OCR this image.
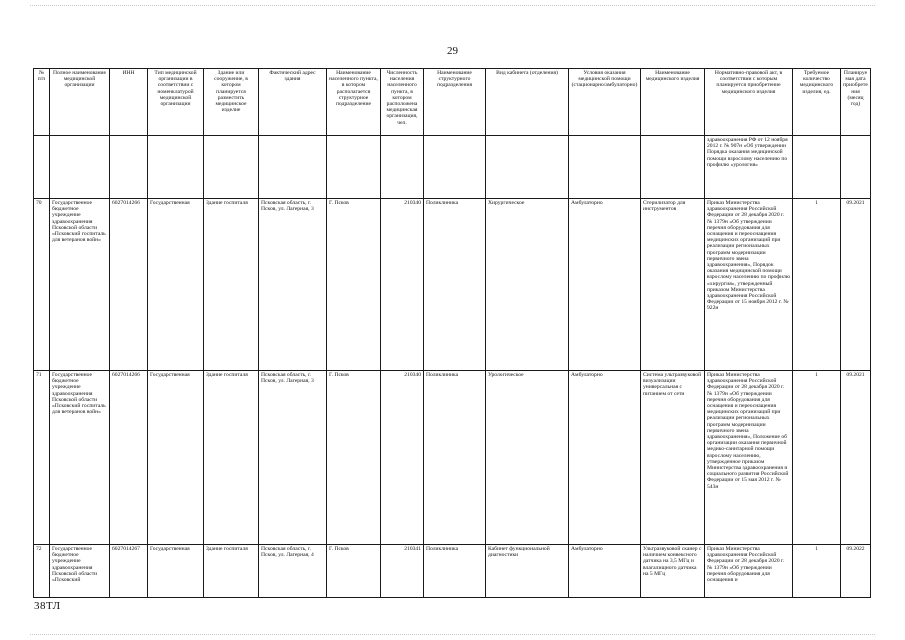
29
№ п/п	Полное наименование медицинской организации	ИНН	Тип медицинской организации в соответствии с номенклатурой медицинской организации	Здание или сооружение, в котором планируется разместить медицинское изделие	Фактический адрес здания	Наименование населенного пункта, в котором располагается структурное подразделение	Численность населения населенного пункта, в котором расположена медицинская организация, чел.	Наименование структурного подразделения	Вид кабинета (отделения)	Условия оказания медицинской помощи (стационарно/амбулаторно)	Наименование медицинского изделия	Нормативно-правовой акт, в соответствии с которым планируется приобретение медицинского изделия	Требуемое количество медицинского изделия, ед.	Планируемая дата приобретения (месяц год)
												здравоохранения РФ от 12 ноября 2012 г. № 907н «Об утверждении Порядка оказания медицинской помощи взрослому населению по профилю «урология»		
70	Государственное бюджетное учреждение здравоохранения Псковской области «Псковский госпиталь для ветеранов войн»	6027014266	Государственная	Здание госпиталя	Псковская область, г. Псков, ул. Лагерная, 3	Г. Псков	210340	Поликлиника	Хирургическое	Амбулаторно	Стерилизатор для инструментов	Приказ Министерства здравоохранения Российской Федерации от 28 декабря 2020 г. № 1379н «Об утверждении перечня оборудования для оснащения и переоснащения медицинских организаций при реализации региональных программ модернизации первичного звена здравоохранения», Порядок оказания медицинской помощи взрослому населению по профилю «хирургия», утвержденный приказом Министерства здравоохранения Российской Федерации от 15 ноября 2012 г. № 922н	1	09.2021
71	Государственное бюджетное учреждение здравоохранения Псковской области «Псковский госпиталь для ветеранов войн»	6027014266	Государственная	Здание госпиталя	Псковская область, г. Псков, ул. Лагерная, 3	Г. Псков	210340	Поликлиника	Урологическое	Амбулаторно	Система ультразвуковой визуализации универсальная с питанием от сети	Приказ Министерства здравоохранения Российской Федерации от 28 декабря 2020 г. № 1379н «Об утверждении перечня оборудования для оснащения и переоснащения медицинских организаций при реализации региональных программ модернизации первичного звена здравоохранения», Положение об организации оказания первичной медико-санитарной помощи взрослому населению, утвержденное приказом Министерства здравоохранения и социального развития Российской Федерации от 15 мая 2012 г. № 543н	1	09.2021
72	Государственное бюджетное учреждение здравоохранения Псковской области «Псковский	6027014267	Государственная	Здание госпиталя	Псковская область, г. Псков, ул. Лагерная, 4	Г. Псков	210341	Поликлиника	Кабинет функциональной диагностики	Амбулаторно	Ультразвуковой сканер с наличием конвексного датчика на 3,5 МГц и влагалищного датчика на 5 МГц	Приказ Министерства здравоохранения Российской Федерации от 28 декабря 2020 г. № 1379н «Об утверждении перечня оборудования для оснащения и	1	09.2022
38ТЛ
